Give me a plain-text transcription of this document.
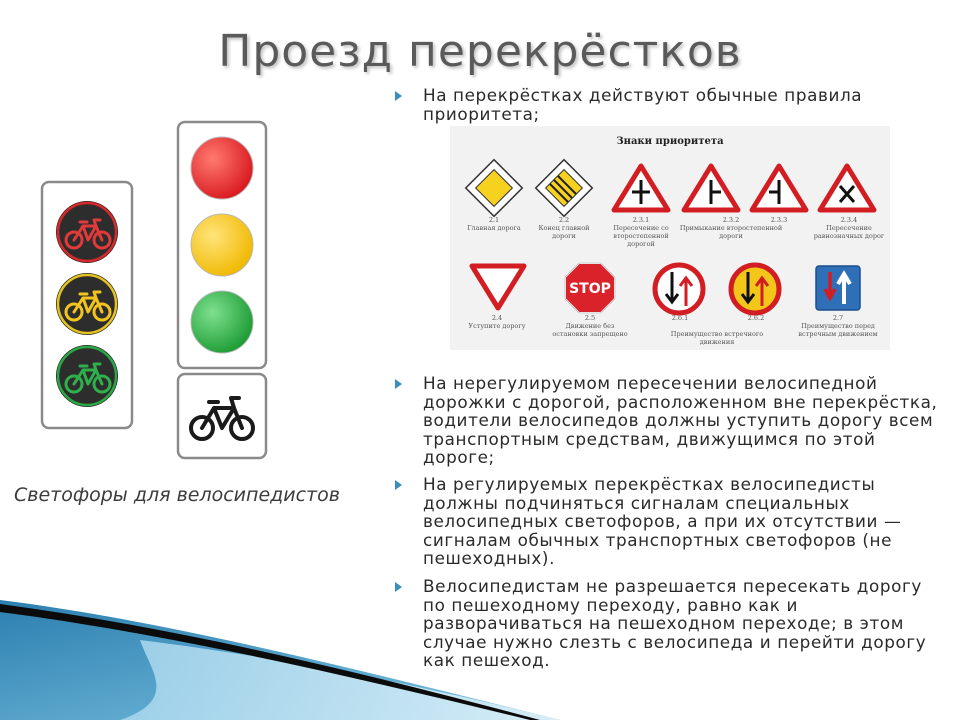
Проезд перекрёстков
Светофоры для велосипедистов
На перекрёстках действуют обычные правила приоритета;
Знаки приоритета
2.1
Главная дорога
2.2
Конец главной дороги
2.3.1
Пересечение со второстепенной дорогой
2.3.2
Примыкание второстепенной дороги
2.3.3	2.3.4
Пересечение равнозначных дорог
STOP
2.4
Уступите дорогу
2.5
Движение без остановки запрещено
2.6.1	2.6.2
Преимущество встречного движения
2.7
Преимущество перед встречным движением
На нерегулируемом пересечении велосипедной дорожки с дорогой, расположенном вне перекрёстка, водители велосипедов должны уступить дорогу всем транспортным средствам, движущимся по этой дороге;
На регулируемых перекрёстках велосипедисты должны подчиняться сигналам специальных велосипедных светофоров, а при их отсутствии — сигналам обычных транспортных светофоров (не пешеходных).
Велосипедистам не разрешается пересекать дорогу по пешеходному переходу, равно как и разворачиваться на пешеходном переходе; в этом случае нужно слезть с велосипеда и перейти дорогу как пешеход.
